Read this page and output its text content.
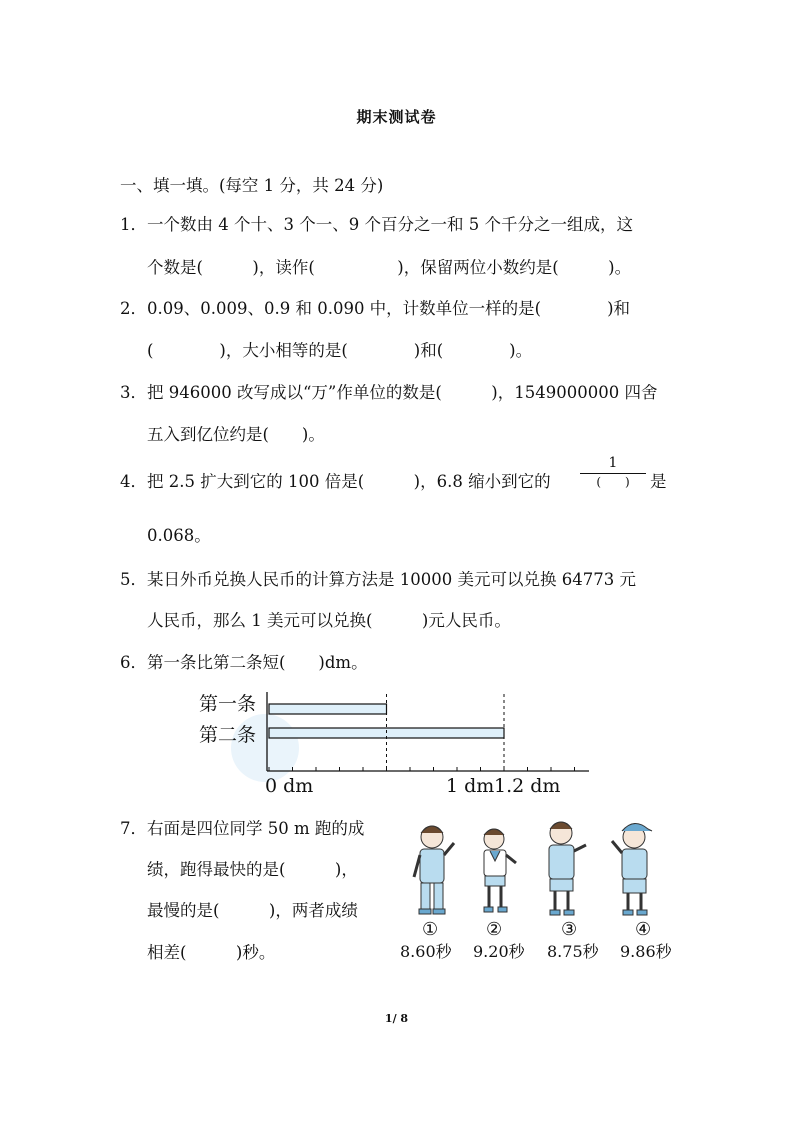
期末测试卷
一、填一填。(每空 1 分，共 24 分)
1．一个数由 4 个十、3 个一、9 个百分之一和 5 个千分之一组成，这
个数是(　　　)，读作(　　　　　)，保留两位小数约是(　　　)。
2．0.09、0.009、0.9 和 0.090 中，计数单位一样的是(　　　　)和
(　　　　)，大小相等的是(　　　　)和(　　　　)。
3．把 946000 改写成以“万”作单位的数是(　　　)，1549000000 四舍
五入到亿位约是(　　)。
4．把 2.5 扩大到它的 100 倍是(　　　)，6.8 缩小到它的
1
(　　)	是
0.068。
5．某日外币兑换人民币的计算方法是 10000 美元可以兑换 64773 元
人民币，那么 1 美元可以兑换(　　　)元人民币。
6．第一条比第二条短(　　)dm。
第一条
第二条
0 dm	1 dm 1.2 dm
7．右面是四位同学 50 m 跑的成
绩，跑得最快的是(　　　)，
最慢的是(　　　)，两者成绩
相差(　　　)秒。
①	②	③	④
8.60秒 9.20秒 8.75秒 9.86秒
1/ 8
